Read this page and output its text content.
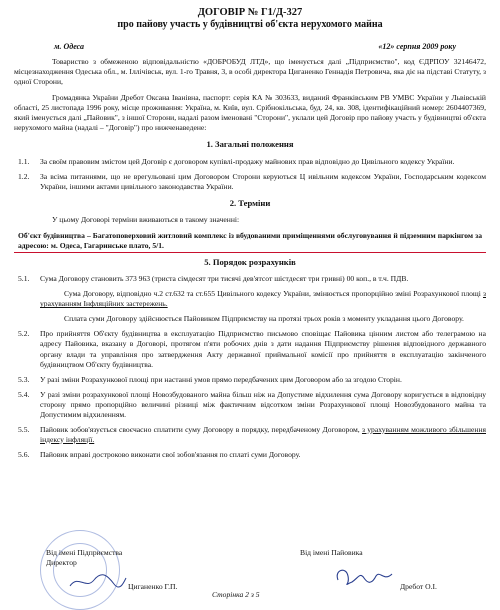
ДОГОВІР № Г1/Д-327
про пайову участь у будівництві об'єкта нерухомого майна
м. Одеса	«12» серпня 2009 року

Товариство з обмеженою відповідальністю «ДОБРОБУД ЛТД», що іменується далі „Підприємство", код ЄДРПОУ 32146472, місцезнаходження Одеська обл., м. Іллічівськ, вул. 1-го Травня, 3, в особі директора Циганенко Геннадія Петровича, яка діє на підставі Статуту, з одної Сторони,

Громадянка України Дребот Оксана Іванівна, паспорт: серія КА № 303633, виданий Франківським РВ УМВС України у Львівській області, 25 листопада 1996 року, місце проживання: Україна, м. Київ, вул. Срібнокільська, буд. 24, кв. 308, ідентифікаційний номер: 2604407369, який іменується далі „Пайовик", з іншої Сторони, надалі разом іменовані "Сторони", уклали цей Договір про пайову участь у будівництві об'єкта нерухомого майна (надалі – "Договір") про нижченаведене:

1. Загальні положення
1.1.	За своїм правовим змістом цей Договір є договором купівлі-продажу майнових прав відповідно до Цивільного кодексу України.
1.2.	За всіма питаннями, що не врегульовані цим Договором Сторони керуються Ц ивільним кодексом України, Господарським кодексом України, іншими актами цивільного законодавства України.
2. Терміни

У цьому Договорі терміни вживаються в такому значенні:

Об'єкт будівництва – Багатоповерховий житловий комплекс із вбудованими приміщеннями обслуговування й підземним паркінгом за адресою: м. Одеса, Гагаринське плато, 5/1.

5. Порядок розрахунків
5.1.	Сума Договору становить 373 963 (триста сімдесят три тисячі дев'ятсот шістдесят три гривні) 00 коп., в т.ч. ПДВ.

Сума Договору, відповідно ч.2 ст.632 та ст.655 Цивільного кодексу України, змінюється пропорційно зміні Розрахункової площі з урахуванням Інфляційних застережень.

Сплата суми Договору здійснюється Пайовиком Підприємству на протязі трьох років з моменту укладання цього Договору.

5.2.	Про прийняття Об'єкту будівництва в експлуатацію Підприємство письмово сповіщає Пайовика цінним листом або телеграмою на адресу Пайовика, вказану в Договорі, протягом п'яти робочих днів з дати надання Підприємству рішення відповідного державного органу влади та управління про затвердження Акту державної приймальної комісії про прийняття в експлуатацію закінченого будівництвом Об'єкту будівництва.
5.3.	У разі зміни Розрахункової площі при настанні умов прямо передбачених цим Договором або за згодою Сторін.
5.4.	У разі зміни розрахункової площі Новозбудованого майна більш ніж на Допустиме відхилення сума Договору коригується в відповідну сторону прямо пропорційно величині різниці між фактичним відсотком зміни Розрахункової площі Новозбудованого майна та Допустимим відхиленням.
5.5.	Пайовик зобов'язується своєчасно сплатити суму Договору в порядку, передбаченому Договором, з урахуванням можливого збільшення індексу інфляції.
5.6.	Пайовик вправі достроково виконати свої зобов'язання по сплаті суми Договору.
Від імені Підприємства
Директор
Циганенко Г.П.
Сторінка 2 з 5
Від імені Пайовика
Дребот О.І.
